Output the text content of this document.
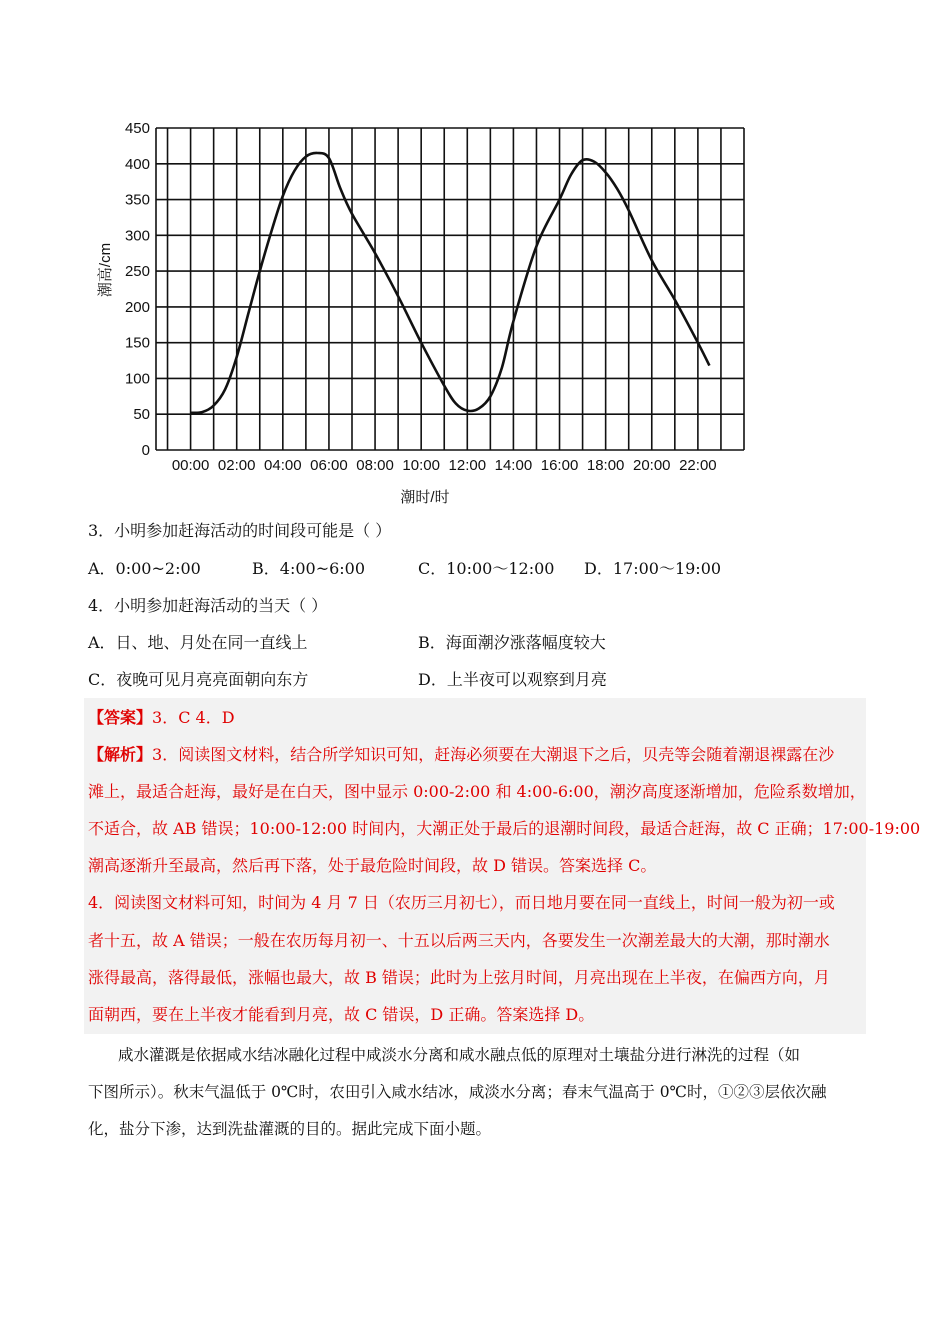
0
50
100
150
200
250
300
350
400
450
00:00 02:00 04:00 06:00 08:00 10:00 12:00 14:00 16:00 18:00 20:00 22:00
潮高/cm
潮时/时
3．小明参加赶海活动的时间段可能是（ ）
A．0:00~2:00	B．4:00~6:00	C．10:00～12:00 D．17:00～19:00
4．小明参加赶海活动的当天（ ）
A．日、地、月处在同一直线上	B．海面潮汐涨落幅度较大
C．夜晚可见月亮亮面朝向东方	D．上半夜可以观察到月亮
【答案】3．C 4．D
【解析】3．阅读图文材料，结合所学知识可知，赶海必须要在大潮退下之后，贝壳等会随着潮退裸露在沙
滩上，最适合赶海，最好是在白天，图中显示 0:00-2:00 和 4:00-6:00，潮汐高度逐渐增加，危险系数增加，
不适合，故 AB 错误；10:00-12:00 时间内，大潮正处于最后的退潮时间段，最适合赶海，故 C 正确；17:00-19:00
潮高逐渐升至最高，然后再下落，处于最危险时间段，故 D 错误。答案选择 C。
4．阅读图文材料可知，时间为 4 月 7 日（农历三月初七），而日地月要在同一直线上，时间一般为初一或
者十五，故 A 错误；一般在农历每月初一、十五以后两三天内，各要发生一次潮差最大的大潮，那时潮水
涨得最高，落得最低，涨幅也最大，故 B 错误；此时为上弦月时间，月亮出现在上半夜，在偏西方向，月
面朝西，要在上半夜才能看到月亮，故 C 错误，D 正确。答案选择 D。
咸水灌溉是依据咸水结冰融化过程中咸淡水分离和咸水融点低的原理对土壤盐分进行淋洗的过程（如
下图所示）。秋末气温低于 0℃时，农田引入咸水结冰，咸淡水分离；春末气温高于 0℃时，①②③层依次融
化，盐分下渗，达到洗盐灌溉的目的。据此完成下面小题。
